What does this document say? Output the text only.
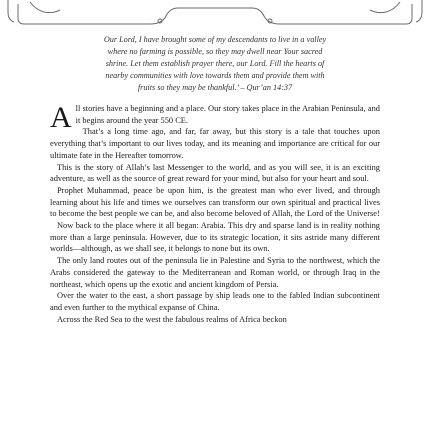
Our Lord, I have brought some of my descendants to live in a valley
where no farming is possible, so they may dwell near Your sacred
shrine. Let them establish prayer there, our Lord. Fill the hearts of
nearby communities with love towards them and provide them with
fruits so they may be thankful.’ – Qur’an 14:37

All stories have a beginning and a place. Our story takes place in the Arabian Peninsula, and it begins around the year 550 CE.

That’s a long time ago, and far, far away, but this story is a tale that touches upon everything that’s important to our lives today, and its meaning and importance are critical for our ultimate fate in the Hereafter tomorrow.

This is the story of Allah’s last Messenger to the world, and as you will see, it is an exciting adventure, as well as the source of great reward for your mind, but also for your heart and soul.

Prophet Muhammad, peace be upon him, is the greatest man who ever lived, and through learning about his life and times we ourselves can transform our own spiritual and practical lives to become the best people we can be, and also become beloved of Allah, the Lord of the Universe!

Now back to the place where it all began: Arabia. This dry and sparse land is in reality nothing more than a large peninsula. However, due to its strategic location, it sits astride many different worlds—although, as we shall see, it belongs to none but its own.

The only land routes out of the peninsula lie in Palestine and Syria to the northwest, which the Arabs considered the gateway to the Mediterranean and Roman world, or through Iraq in the northeast, which opens up the exotic and ancient kingdom of Persia.

Over the water to the east, a short passage by ship leads one to the fabled Indian subcontinent and even further to the mythical expanse of China.

Across the Red Sea to the west the fabulous realms of Africa beckon
